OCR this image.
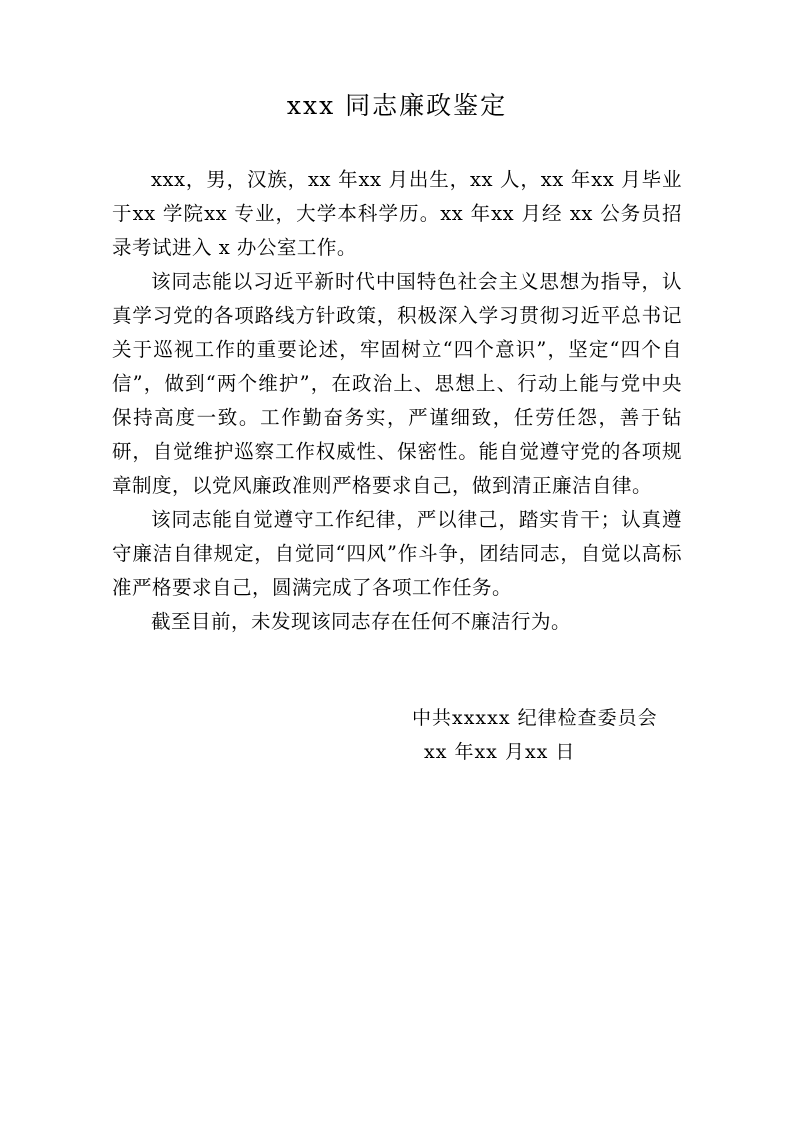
xxx 同志廉政鉴定

xxx，男，汉族，xx 年xx 月出生，xx 人，xx 年xx 月毕业于xx 学院xx 专业，大学本科学历。xx 年xx 月经 xx 公务员招录考试进入 x 办公室工作。

该同志能以习近平新时代中国特色社会主义思想为指导，认真学习党的各项路线方针政策，积极深入学习贯彻习近平总书记关于巡视工作的重要论述，牢固树立“四个意识”，坚定“四个自信”，做到“两个维护”，在政治上、思想上、行动上能与党中央保持高度一致。工作勤奋务实，严谨细致，任劳任怨，善于钻研，自觉维护巡察工作权威性、保密性。能自觉遵守党的各项规章制度，以党风廉政准则严格要求自己，做到清正廉洁自律。

该同志能自觉遵守工作纪律，严以律己，踏实肯干；认真遵守廉洁自律规定，自觉同“四风”作斗争，团结同志，自觉以高标准严格要求自己，圆满完成了各项工作任务。

截至目前，未发现该同志存在任何不廉洁行为。

中共xxxxx 纪律检查委员会
xx 年xx 月xx 日
